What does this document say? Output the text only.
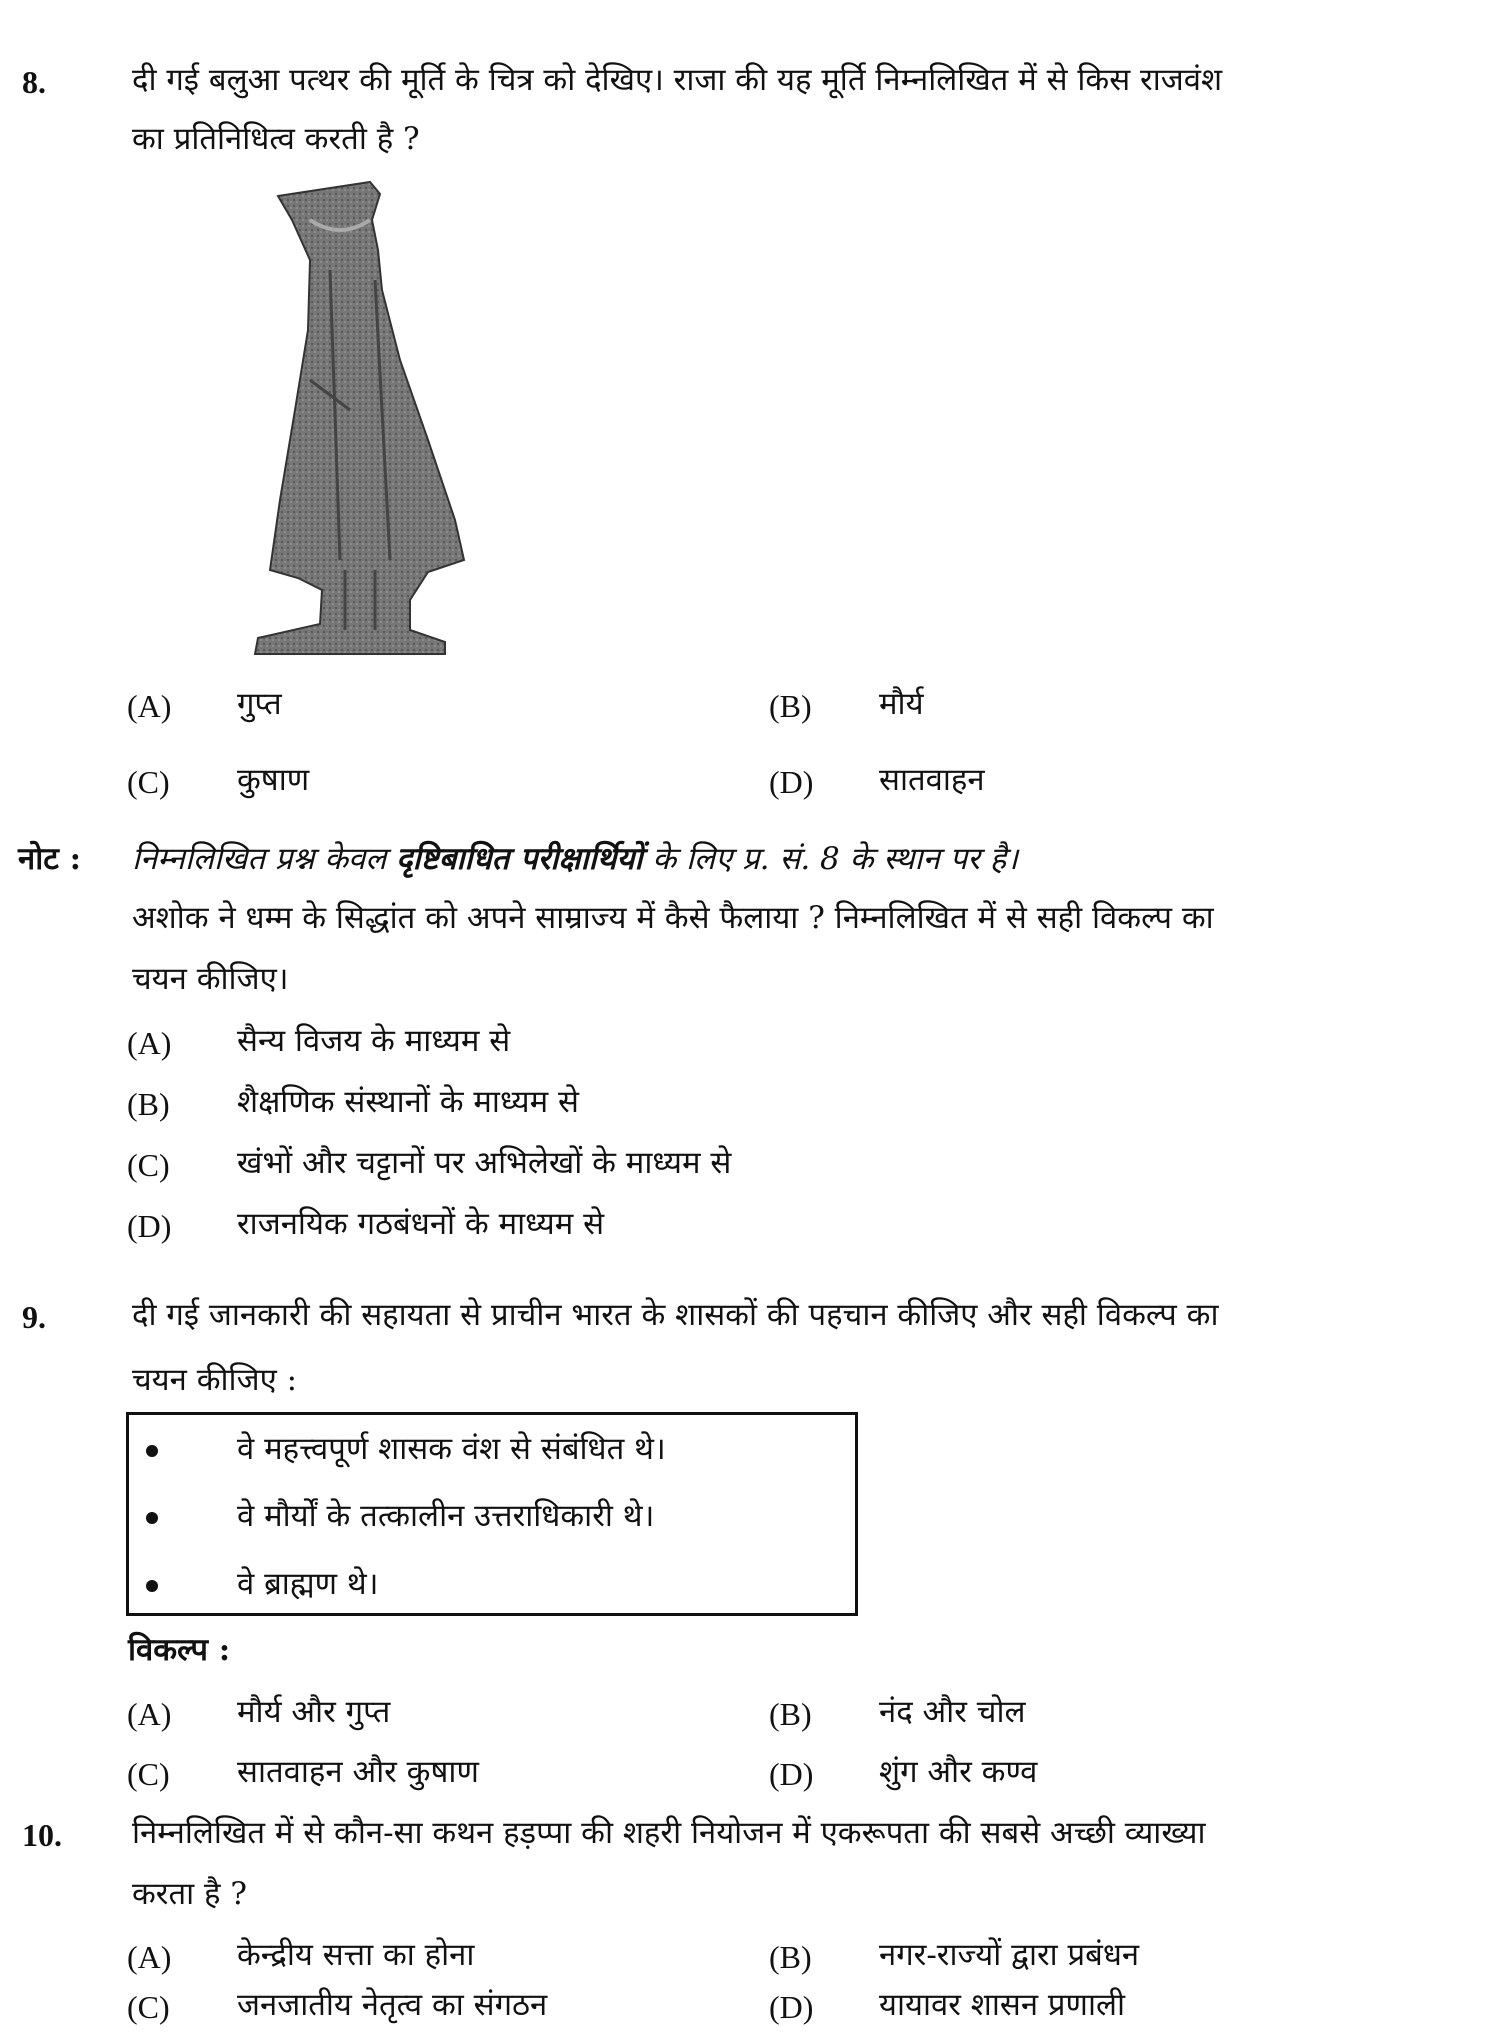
8.	दी गई बलुआ पत्थर की मूर्ति के चित्र को देखिए। राजा की यह मूर्ति निम्नलिखित में से किस राजवंश
का प्रतिनिधित्व करती है ?
(A) गुप्त	(B) मौर्य
(C) कुषाण	(D) सातवाहन
नोट : निम्नलिखित प्रश्न केवल दृष्टिबाधित परीक्षार्थियों के लिए प्र. सं. 8 के स्थान पर है।
अशोक ने धम्म के सिद्धांत को अपने साम्राज्य में कैसे फैलाया ? निम्नलिखित में से सही विकल्प का
चयन कीजिए।
(A) सैन्य विजय के माध्यम से
(B) शैक्षणिक संस्थानों के माध्यम से
(C) खंभों और चट्टानों पर अभिलेखों के माध्यम से
(D) राजनयिक गठबंधनों के माध्यम से
9.	दी गई जानकारी की सहायता से प्राचीन भारत के शासकों की पहचान कीजिए और सही विकल्प का
चयन कीजिए :
वे महत्त्वपूर्ण शासक वंश से संबंधित थे।
वे मौर्यों के तत्कालीन उत्तराधिकारी थे।
वे ब्राह्मण थे।
विकल्प :
(A) मौर्य और गुप्त	(B) नंद और चोल
(C) सातवाहन और कुषाण	(D) शुंग और कण्व
10. निम्नलिखित में से कौन-सा कथन हड़प्पा की शहरी नियोजन में एकरूपता की सबसे अच्छी व्याख्या
करता है ?
(A) केन्द्रीय सत्ता का होना	(B) नगर-राज्यों द्वारा प्रबंधन
(C) जनजातीय नेतृत्व का संगठन	(D) यायावर शासन प्रणाली
